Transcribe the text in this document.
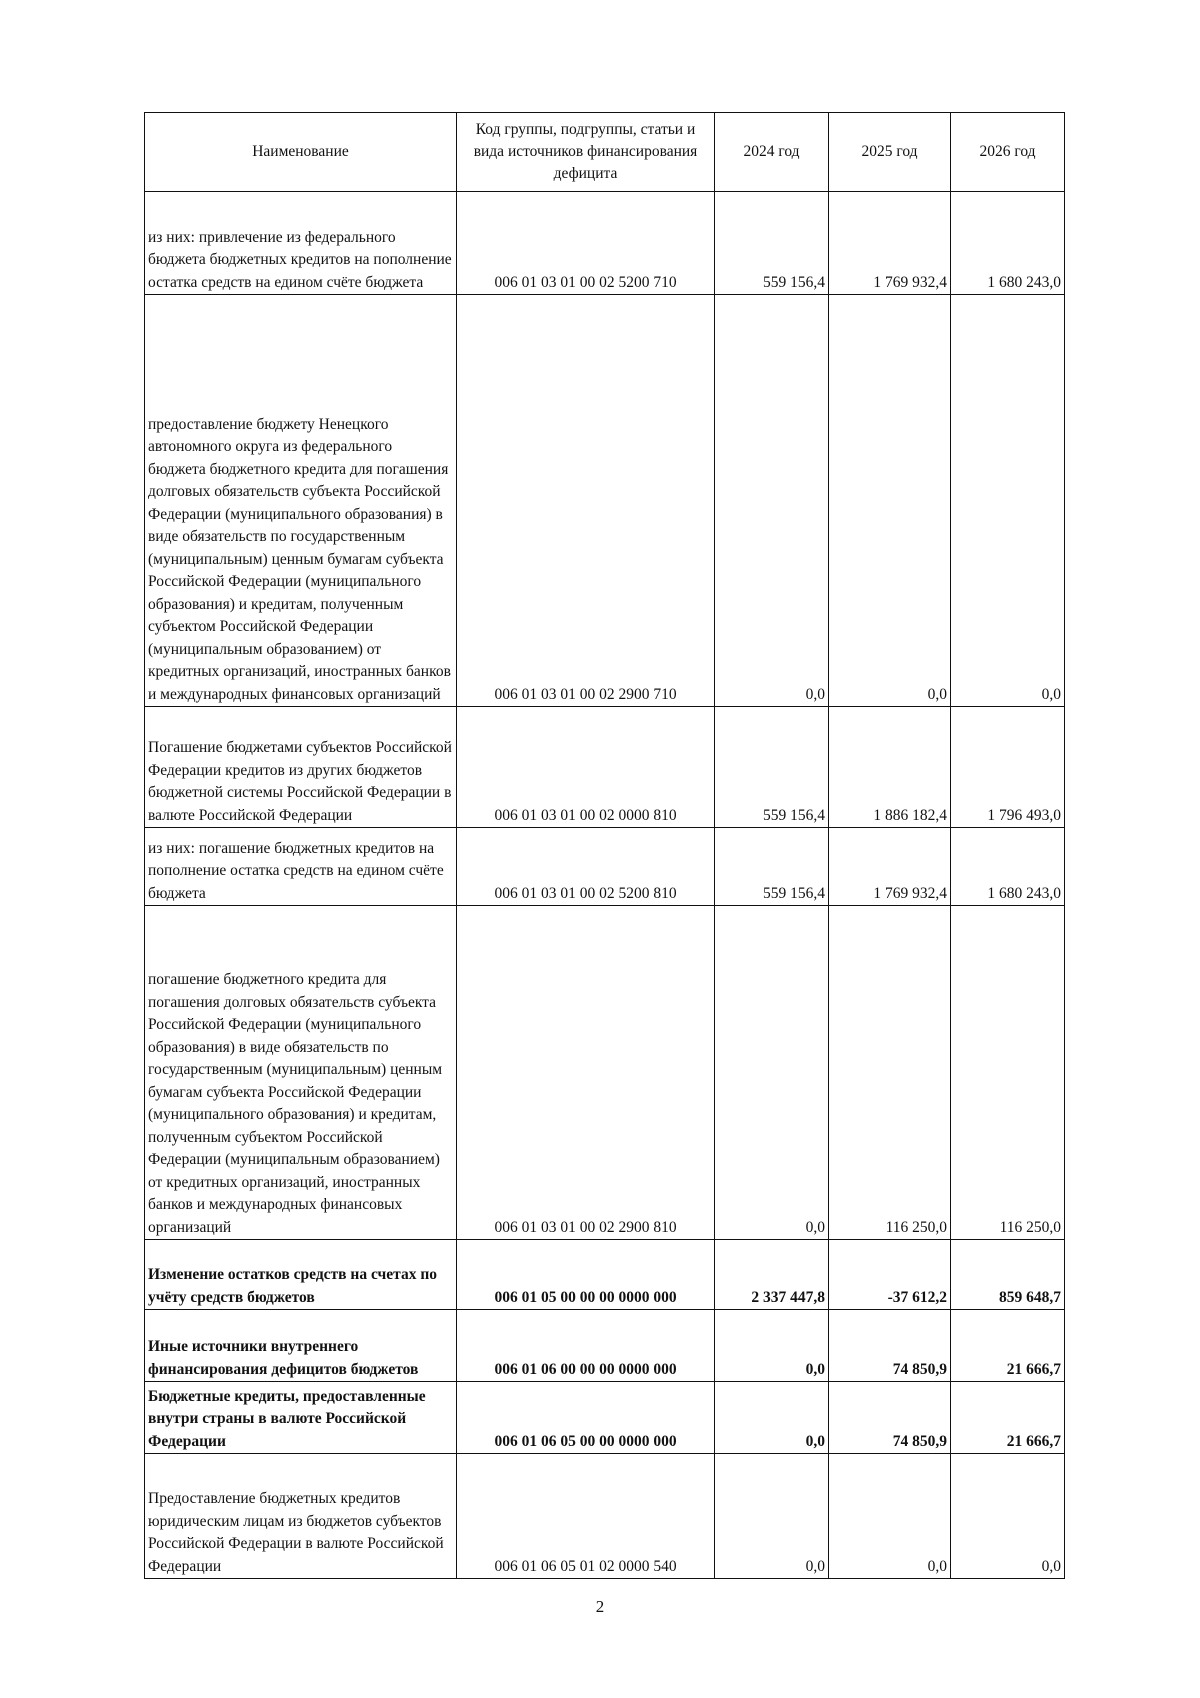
Наименование	Код группы, подгруппы, статьи и вида источников финансирования дефицита	2024 год	2025 год	2026 год
из них: привлечение из федерального бюджета бюджетных кредитов на пополнение остатка средств на едином счёте бюджета	006 01 03 01 00 02 5200 710	559 156,4	1 769 932,4	1 680 243,0
предоставление бюджету Ненецкого автономного округа из федерального бюджета бюджетного кредита для погашения долговых обязательств субъекта Российской Федерации (муниципального образования) в виде обязательств по государственным (муниципальным) ценным бумагам субъекта Российской Федерации (муниципального образования) и кредитам, полученным субъектом Российской Федерации (муниципальным образованием) от кредитных организаций, иностранных банков и международных финансовых организаций	006 01 03 01 00 02 2900 710	0,0	0,0	0,0
Погашение бюджетами субъектов Российской Федерации кредитов из других бюджетов бюджетной системы Российской Федерации в валюте Российской Федерации	006 01 03 01 00 02 0000 810	559 156,4	1 886 182,4	1 796 493,0
из них: погашение бюджетных кредитов на пополнение остатка средств на едином счёте бюджета	006 01 03 01 00 02 5200 810	559 156,4	1 769 932,4	1 680 243,0
погашение бюджетного кредита для погашения долговых обязательств субъекта Российской Федерации (муниципального образования) в виде обязательств по государственным (муниципальным) ценным бумагам субъекта Российской Федерации (муниципального образования) и кредитам, полученным субъектом Российской Федерации (муниципальным образованием) от кредитных организаций, иностранных банков и международных финансовых организаций	006 01 03 01 00 02 2900 810	0,0	116 250,0	116 250,0
Изменение остатков средств на счетах по учёту средств бюджетов	006 01 05 00 00 00 0000 000	2 337 447,8	-37 612,2	859 648,7
Иные источники внутреннего финансирования дефицитов бюджетов	006 01 06 00 00 00 0000 000	0,0	74 850,9	21 666,7
Бюджетные кредиты, предоставленные внутри страны в валюте Российской Федерации	006 01 06 05 00 00 0000 000	0,0	74 850,9	21 666,7
Предоставление бюджетных кредитов юридическим лицам из бюджетов субъектов Российской Федерации в валюте Российской Федерации	006 01 06 05 01 02 0000 540	0,0	0,0	0,0
2
